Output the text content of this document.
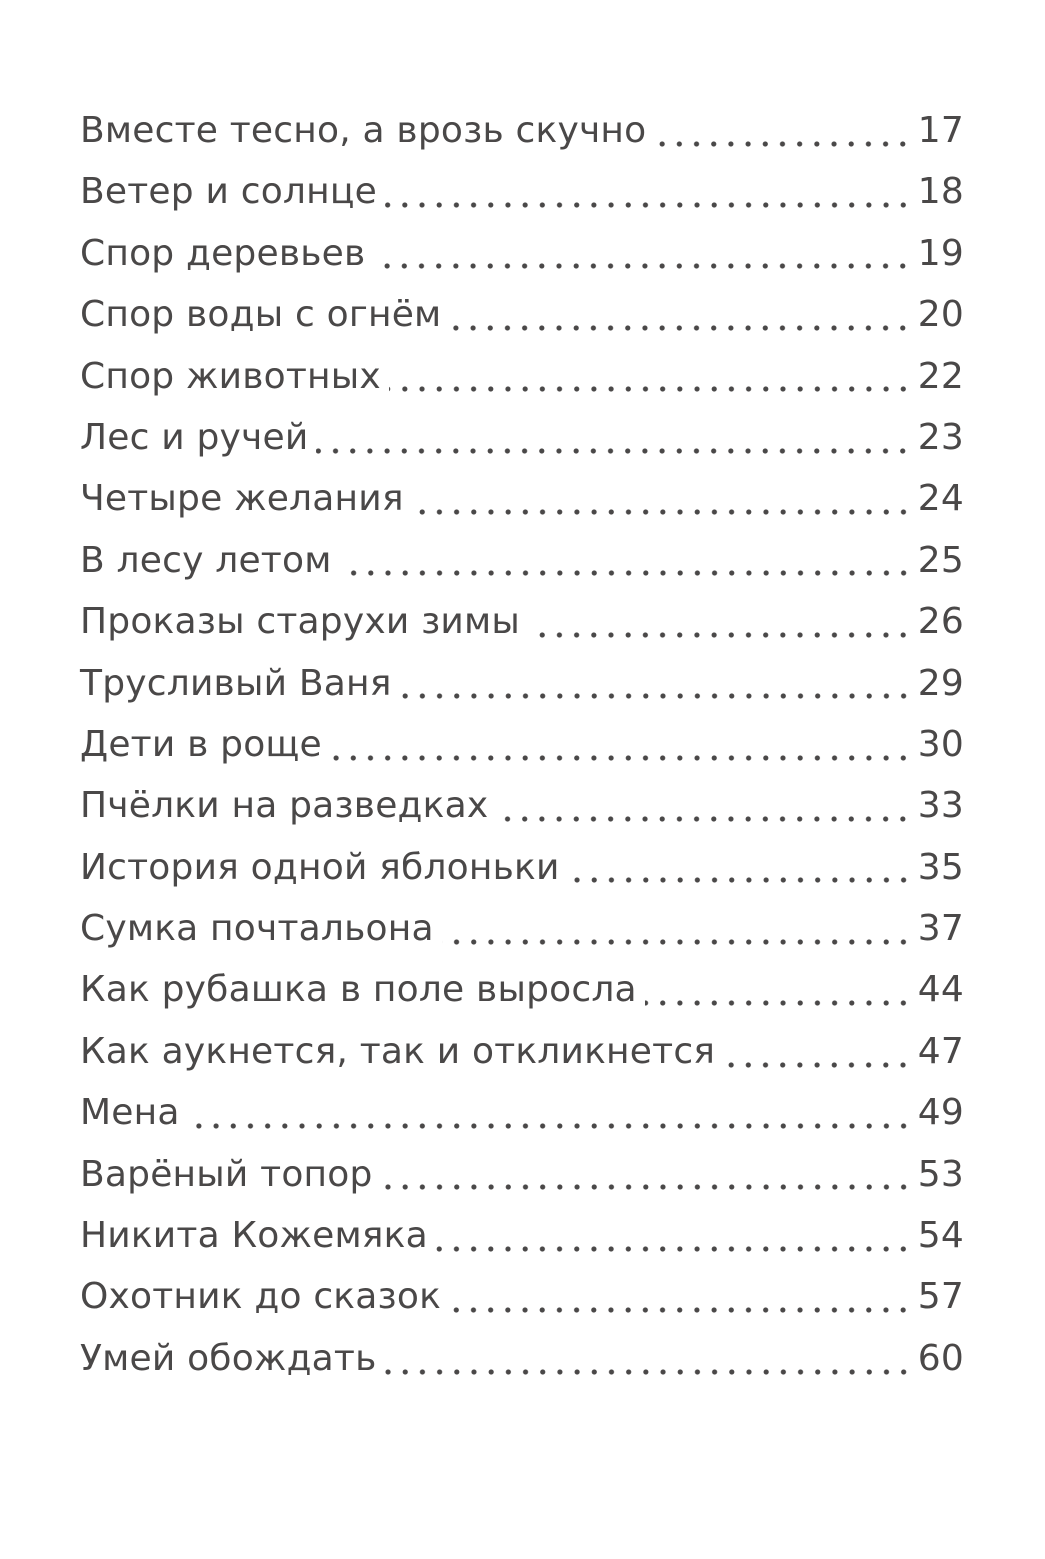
Вместе тесно, а врозь скучно	17
Ветер и солнце	18
Спор деревьев	19
Спор воды с огнём	20
Спор животных	22
Лес и ручей	23
Четыре желания	24
В лесу летом	25
Проказы старухи зимы	26
Трусливый Ваня	29
Дети в роще	30
Пчёлки на разведках	33
История одной яблоньки	35
Сумка почтальона	37
Как рубашка в поле выросла	44
Как аукнется, так и откликнется	47
Мена	49
Варёный топор	53
Никита Кожемяка	54
Охотник до сказок	57
Умей обождать	60
